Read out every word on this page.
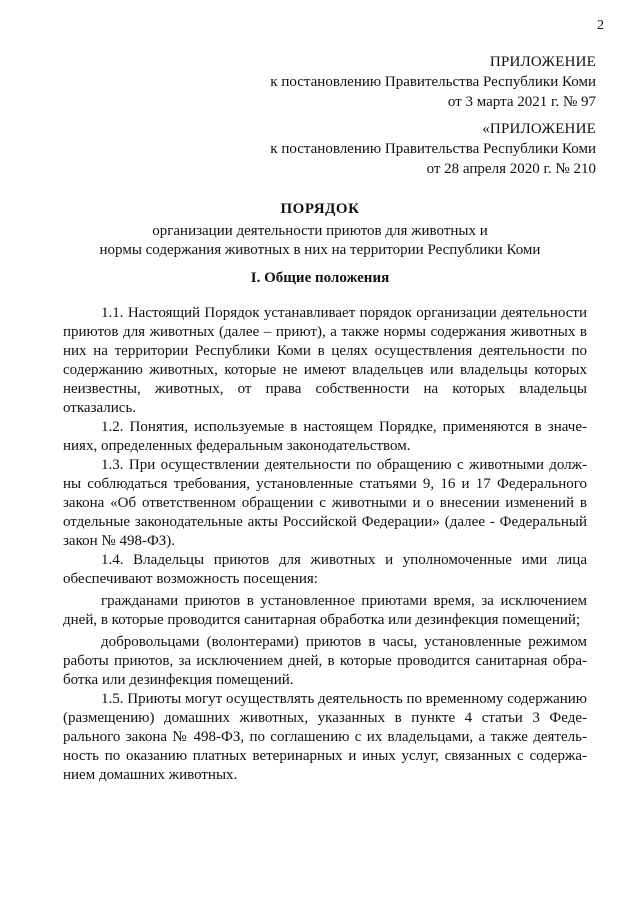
2
ПРИЛОЖЕНИЕ
к постановлению Правительства Республики Коми
от 3 марта 2021 г. № 97
«ПРИЛОЖЕНИЕ
к постановлению Правительства Республики Коми
от 28 апреля 2020 г. № 210
ПОРЯДОК
организации деятельности приютов для животных и
нормы содержания животных в них на территории Республики Коми
I. Общие положения

1.1. Настоящий Порядок устанавливает порядок организации деятельности приютов для животных (далее – приют), а также нормы содержания животных в них на территории Республики Коми в целях осуществления деятельности по содержанию животных, которые не имеют владельцев или владельцы которых неизвестны, животных, от права собственности на которых владельцы отказались.

1.2. Понятия, используемые в настоящем Порядке, применяются в значениях, определенных федеральным законодательством.

1.3. При осуществлении деятельности по обращению с животными должны соблюдаться требования, установленные статьями 9, 16 и 17 Федерального закона «Об ответственном обращении с животными и о внесении изменений в отдельные законодательные акты Российской Федерации» (далее - Федеральный закон № 498-ФЗ).

1.4. Владельцы приютов для животных и уполномоченные ими лица обеспечивают возможность посещения:

гражданами приютов в установленное приютами время, за исключением дней, в которые проводится санитарная обработка или дезинфекция помещений;

добровольцами (волонтерами) приютов в часы, установленные режимом работы приютов, за исключением дней, в которые проводится санитарная обработка или дезинфекция помещений.

1.5. Приюты могут осуществлять деятельность по временному содержанию (размещению) домашних животных, указанных в пункте 4 статьи 3 Федерального закона № 498-ФЗ, по соглашению с их владельцами, а также деятельность по оказанию платных ветеринарных и иных услуг, связанных с содержанием домашних животных.
